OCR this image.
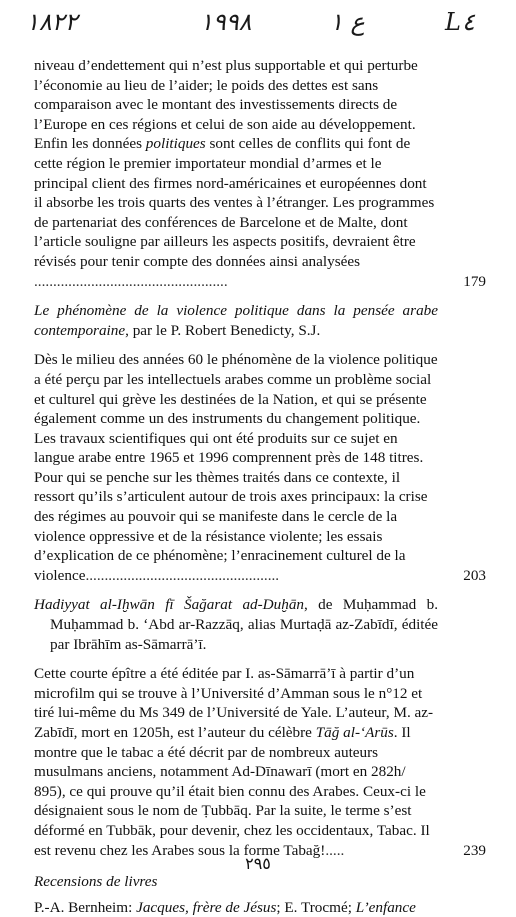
۱۸۲۲	۱۹۹۸	ع ۱	L٤

niveau d’endettement qui n’est plus supportable et qui perturbe l’économie au lieu de l’aider; le poids des dettes est sans comparaison avec le montant des investissements directs de l’Europe en ces régions et celui de son aide au développement. Enfin les données politiques sont celles de conflits qui font de cette région le premier importateur mondial d’armes et le principal client des firmes nord-américaines et européennes dont il absorbe les trois quarts des ventes à l’étranger. Les programmes de partenariat des conférences de Barcelone et de Malte, dont l’article souligne par ailleurs les aspects positifs, devraient être révisés pour tenir compte des données ainsi analysées...................................................	179

Le phénomène de la violence politique dans la pensée arabe contemporaine, par le P. Robert Benedicty, S.J.

Dès le milieu des années 60 le phénomène de la violence politique a été perçu par les intellectuels arabes comme un problème social et culturel qui grève les destinées de la Nation, et qui se présente également comme un des instruments du changement politique. Les travaux scientifiques qui ont été produits sur ce sujet en langue arabe entre 1965 et 1996 comprennent près de 148 titres. Pour qui se penche sur les thèmes traités dans ce contexte, il ressort qu’ils s’articulent autour de trois axes principaux: la crise des régimes au pouvoir qui se manifeste dans le cercle de la violence oppressive et de la résistance violente; les essais d’explication de ce phénomène; l’enracinement culturel de la violence...................................................	203

Hadiyyat al-Iḫwān fī Šağarat ad-Duḫān, de Muḥammad b. Muḥammad b. ‘Abd ar-Razzāq, alias Murtaḍā az-Zabīdī, éditée par Ibrāhīm as-Sāmarrā’ī.

Cette courte épître a été éditée par I. as-Sāmarrā’ī à partir d’un microfilm qui se trouve à l’Université d’Amman sous le n°12 et tiré lui-même du Ms 349 de l’Université de Yale. L’auteur, M. az-Zabīdī, mort en 1205h, est l’auteur du célèbre Tāğ al-‘Arūs. Il montre que le tabac a été décrit par de nombreux auteurs musulmans anciens, notamment Ad-Dīnawarī (mort en 282h/ 895), ce qui prouve qu’il était bien connu des Arabes. Ceux-ci le désignaient sous le nom de Ṭubbāq. Par la suite, le terme s’est déformé en Tubbāk, pour devenir, chez les occidentaux, Tabac. Il est revenu chez les Arabes sous la forme Tabağ!.....	239

Recensions de livres

P.-A. Bernheim: Jacques, frère de Jésus; E. Trocmé; L’enfance

٢٩٥
